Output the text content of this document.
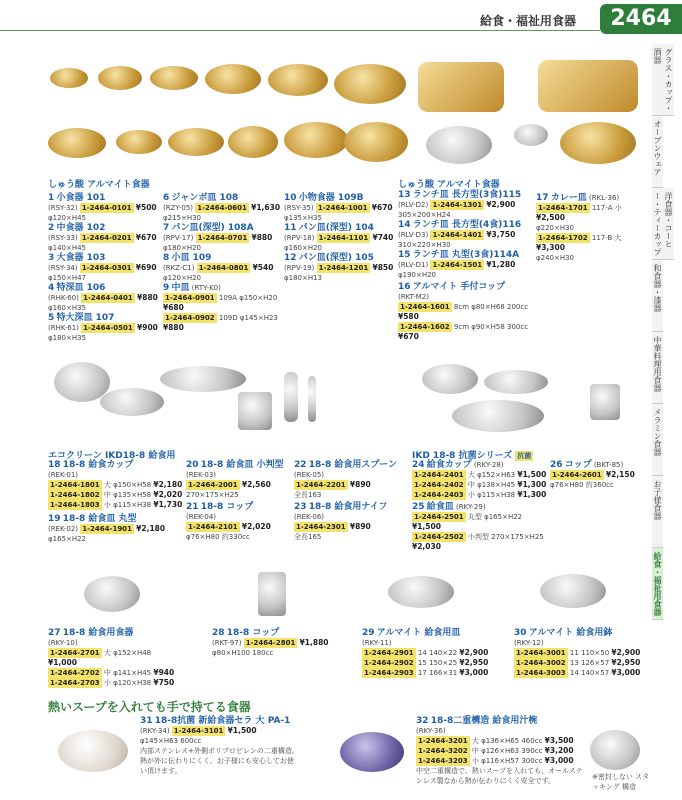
給食・福祉用食器	2464
グラス・カップ・酒器
オーブンウェア
洋食器・コーヒー・ティーカップ
和食器・漆器
中華料理用食器
メラミン食器
お子様食器
給食・福祉用食器
しゅう酸 アルマイト食器
1 小食器 101
(RSY-32) 1-2464-0101 ¥500
φ120×H45
2 中食器 102
(RSY-33) 1-2464-0201 ¥670
φ140×H45
3 大食器 103
(RSY-34) 1-2464-0301 ¥690
φ150×H47
4 特深皿 106
(RHK-60) 1-2464-0401 ¥880
φ160×H35
5 特大深皿 107
(RHK-61) 1-2464-0501 ¥900
φ180×H35
6 ジャンボ皿 108
(RZY-05) 1-2464-0601 ¥1,630
φ215×H30
7 パン皿(深型) 108A
(RPV-17) 1-2464-0701 ¥880
φ180×H20
8 小皿 109
(RKZ-C1) 1-2464-0801 ¥540
φ120×H20
9 中皿 (RTY-K0)
1-2464-0901 109A φ150×H20 ¥680
1-2464-0902 109D φ145×H23 ¥880
10 小物食器 109B
(RSY-35) 1-2464-1001 ¥670
φ135×H35
11 パン皿(深型) 104
(RPV-18) 1-2464-1101 ¥740
φ160×H20
12 パン皿(深型) 105
(RPV-19) 1-2464-1201 ¥850
φ180×H13
しゅう酸 アルマイト食器
13 ランチ皿 長方型(3食)115
(RLV-D2) 1-2464-1301 ¥2,900
305×200×H24
14 ランチ皿 長方型(4食)116
(RLV-D3) 1-2464-1401 ¥3,750
310×220×H30
15 ランチ皿 丸型(3食)114A
(RLV-D1) 1-2464-1501 ¥1,280
φ190×H20
16 アルマイト 手付コップ (RKT-M2)
1-2464-1601 8cm φ80×H68 200cc ¥580
1-2464-1602 9cm φ90×H58 300cc ¥670
17 カレー皿 (RKL-36)
1-2464-1701 117-A 小 ¥2,500
φ220×H30
1-2464-1702 117-B 大 ¥3,300
φ240×H30
エコクリーン IKD18-8 給食用
18 18-8 給食カップ
(REK-01)
1-2464-1801 大 φ150×H58 ¥2,180
1-2464-1802 中 φ135×H58 ¥2,020
1-2464-1803 小 φ115×H38 ¥1,730
19 18-8 給食皿 丸型
(REK-02) 1-2464-1901 ¥2,180
φ165×H22
20 18-8 給食皿 小判型
(REK-03)
1-2464-2001 ¥2,560
270×175×H25
21 18-8 コップ
(REK-04)
1-2464-2101 ¥2,020
φ76×H80 約330cc
22 18-8 給食用スプーン
(REK-05)
1-2464-2201 ¥890
全長163
23 18-8 給食用ナイフ
(REK-06)
1-2464-2301 ¥890
全長165
IKD 18-8 抗菌シリーズ 抗菌
24 給食カップ (RKY-28)
1-2464-2401 大 φ152×H63 ¥1,500
1-2464-2402 中 φ138×H45 ¥1,300
1-2464-2403 小 φ115×H38 ¥1,300
25 給食皿 (RKY-29)
1-2464-2501 丸型 φ165×H22 ¥1,500
1-2464-2502 小判型 270×175×H25 ¥2,030
26 コップ (BKT-85)
1-2464-2601 ¥2,150
φ76×H80 約360cc
27 18-8 給食用食器
(RKY-10)
1-2464-2701 大 φ152×H48 ¥1,000
1-2464-2702 中 φ141×H45 ¥940
1-2464-2703 小 φ120×H38 ¥750
28 18-8 コップ
(RKT-97) 1-2464-2801 ¥1,880
φ80×H100 180cc
29 アルマイト 給食用皿
(RKY-11)
1-2464-2901 14 140×22 ¥2,900
1-2464-2902 15 150×25 ¥2,950
1-2464-2903 17 166×31 ¥3,000
30 アルマイト 給食用鉢
(RKY-12)
1-2464-3001 11 110×50 ¥2,900
1-2464-3002 13 126×57 ¥2,950
1-2464-3003 14 140×57 ¥3,000
熱いスープを入れても手で持てる食器
31 18-8抗菌 新給食器セラ 大 PA-1
(RKY-34) 1-2464-3101 ¥1,500
φ145×H63 600cc

内部ステンレス+外側ポリプロピレンの二重構造。熱が外に伝わりにくく、お子様にも安心してお使い頂けます。
32 18-8二重構造 給食用汁椀
(RKY-36)
1-2464-3201 大 φ136×H65 460cc ¥3,500
1-2464-3202 中 φ126×H63 390cc ¥3,200
1-2464-3203 小 φ116×H57 300cc ¥3,000

中空二重構造で、熱いスープを入れても、オールステンレス製なから熱が伝わりにくく安全です。	※密封しない スタッキング 構造
